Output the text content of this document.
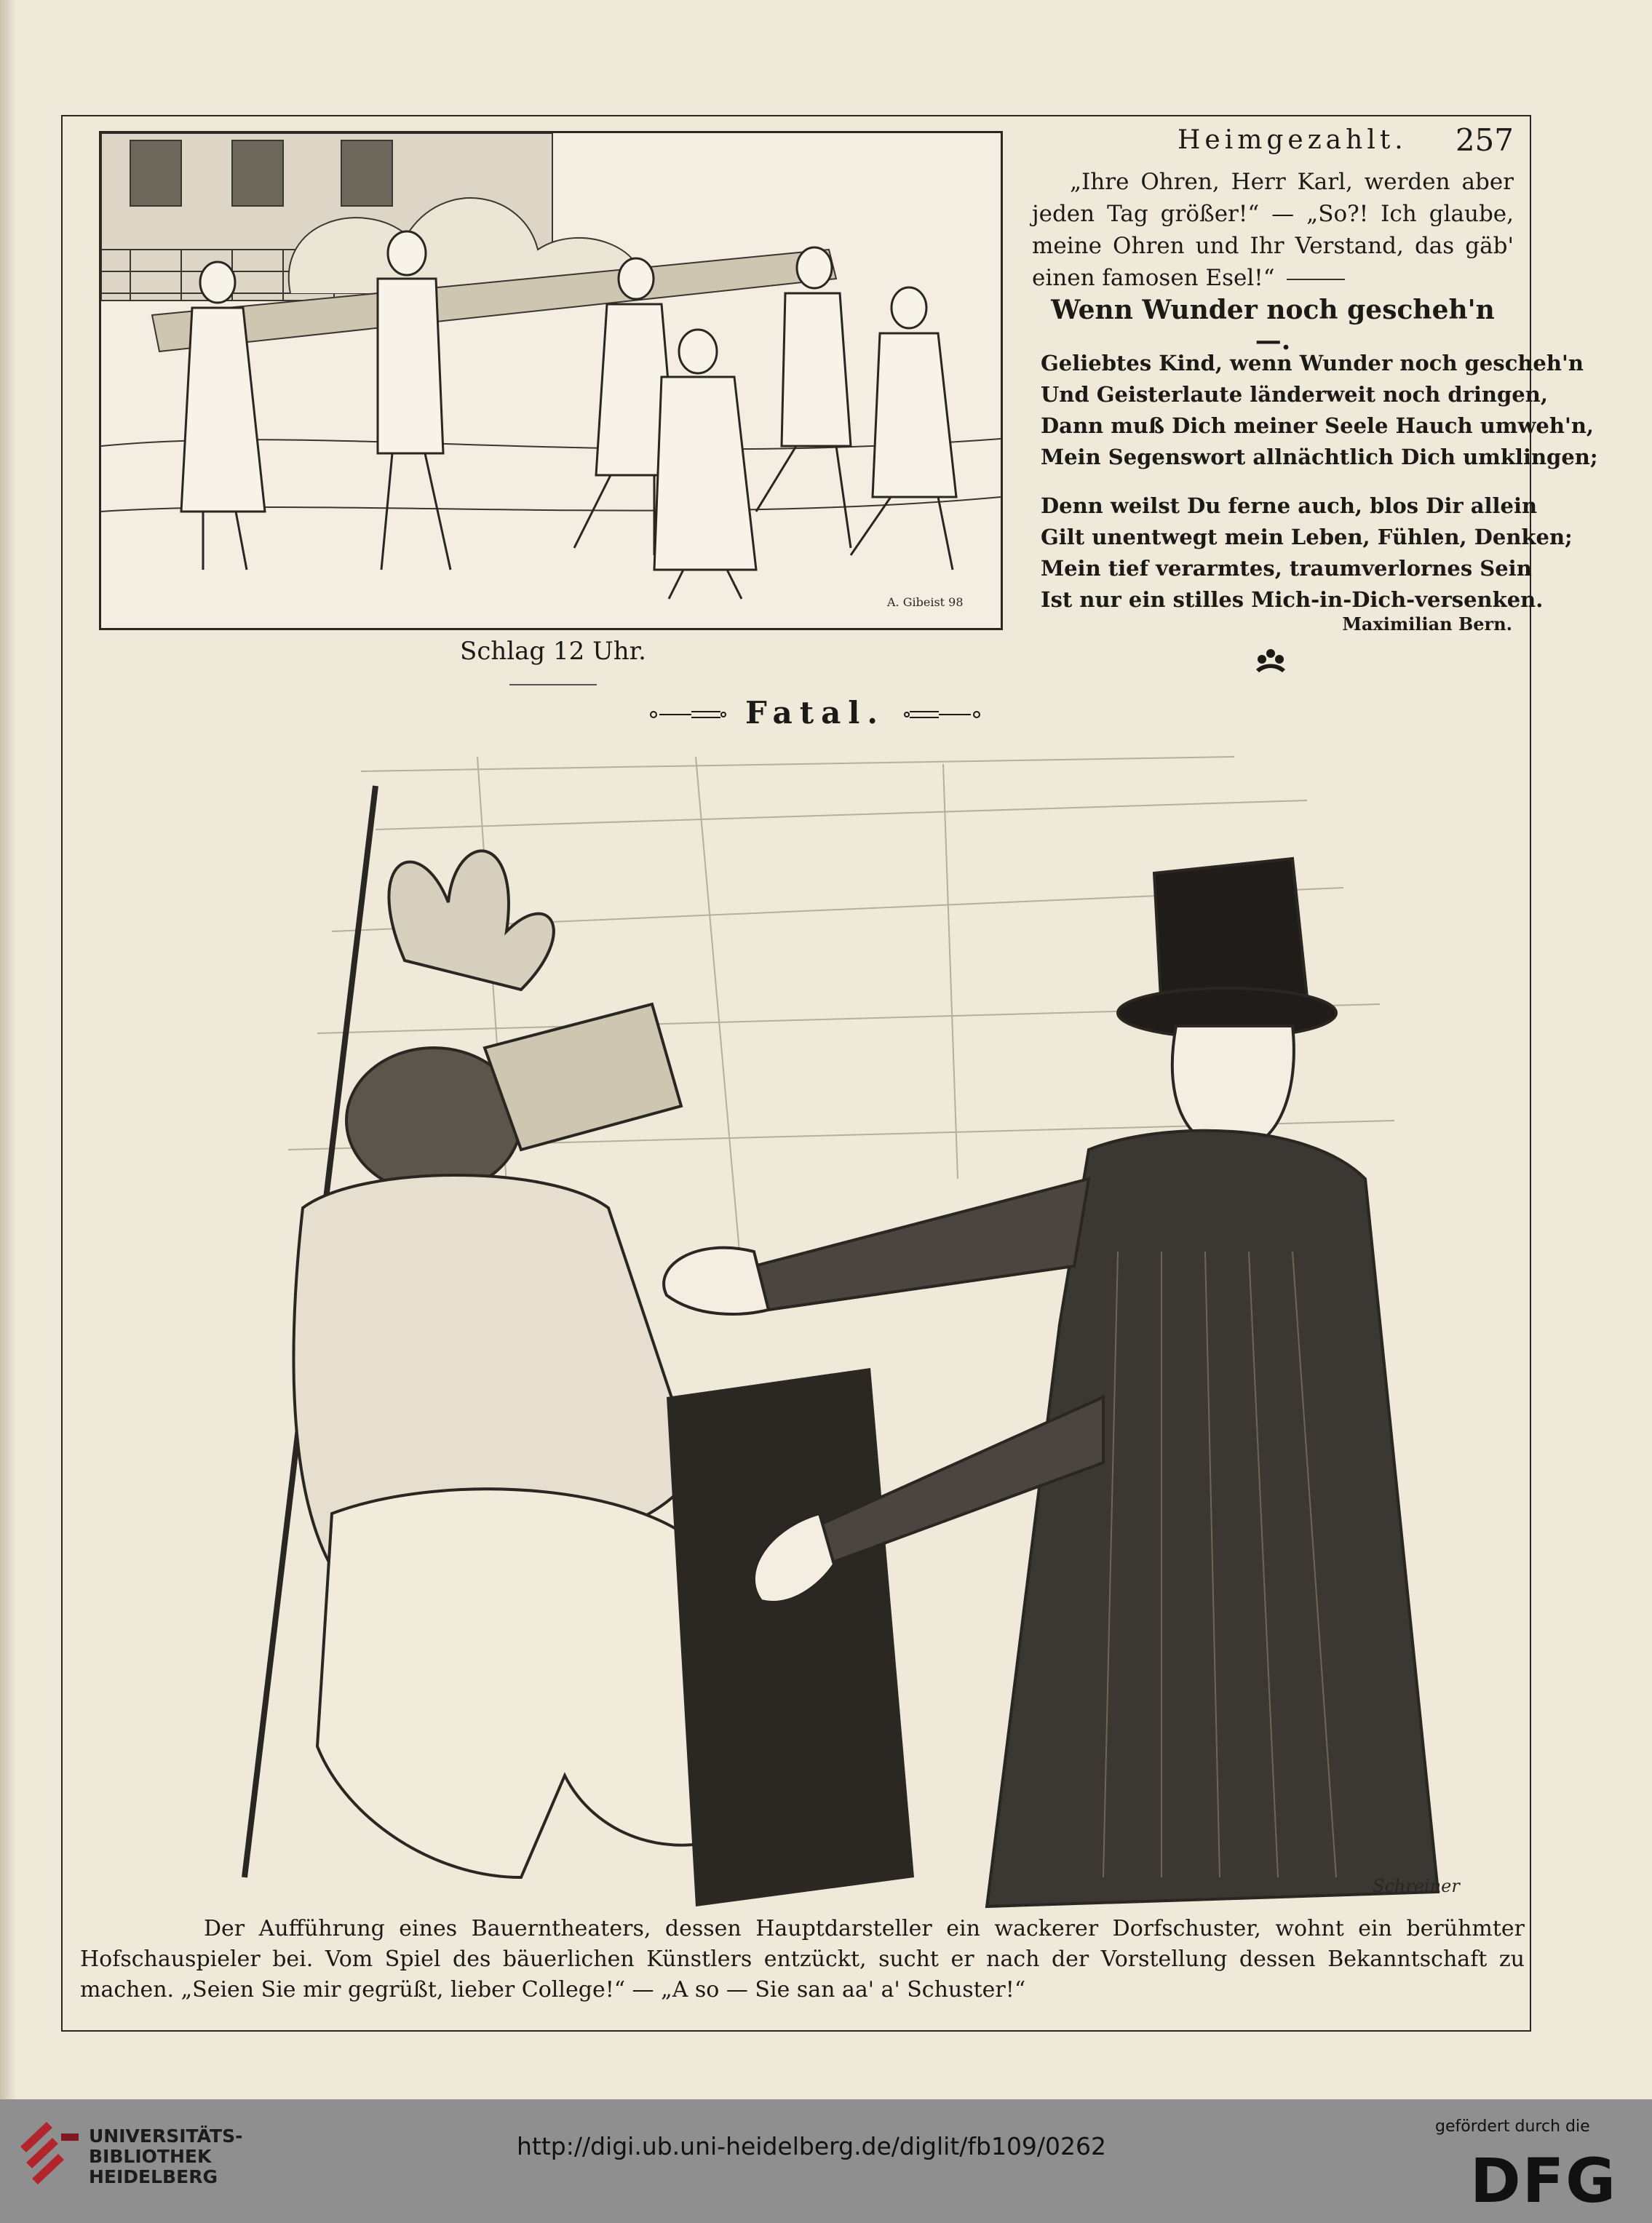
Heimgezahlt. 257
A. Gibeist 98
Schlag 12 Uhr.

„Ihre Ohren, Herr Karl, werden aber jeden Tag größer!“ — „So?! Ich glaube, meine Ohren und Ihr Verstand, das gäb' einen famosen Esel!“

Wenn Wunder noch gescheh'n —.
Geliebtes Kind, wenn Wunder noch gescheh'n
Und Geisterlaute länderweit noch dringen,
Dann muß Dich meiner Seele Hauch umweh'n,
Mein Segenswort allnächtlich Dich umklingen;
Denn weilst Du ferne auch, blos Dir allein
Gilt unentwegt mein Leben, Fühlen, Denken;
Mein tief verarmtes, traumverlornes Sein
Ist nur ein stilles Mich-in-Dich-versenken.
Maximilian Bern.
Fatal.
Schreiner

Der Aufführung eines Bauerntheaters, dessen Hauptdarsteller ein wackerer Dorfschuster, wohnt ein berühmter Hofschauspieler bei. Vom Spiel des bäuerlichen Künstlers entzückt, sucht er nach der Vorstellung dessen Bekanntschaft zu machen. „Seien Sie mir gegrüßt, lieber College!“ — „A so — Sie san aa' a' Schuster!“

UNIVERSITÄTS-
BIBLIOTHEK
HEIDELBERG
http://digi.ub.uni-heidelberg.de/diglit/fb109/0262
gefördert durch die
DFG
